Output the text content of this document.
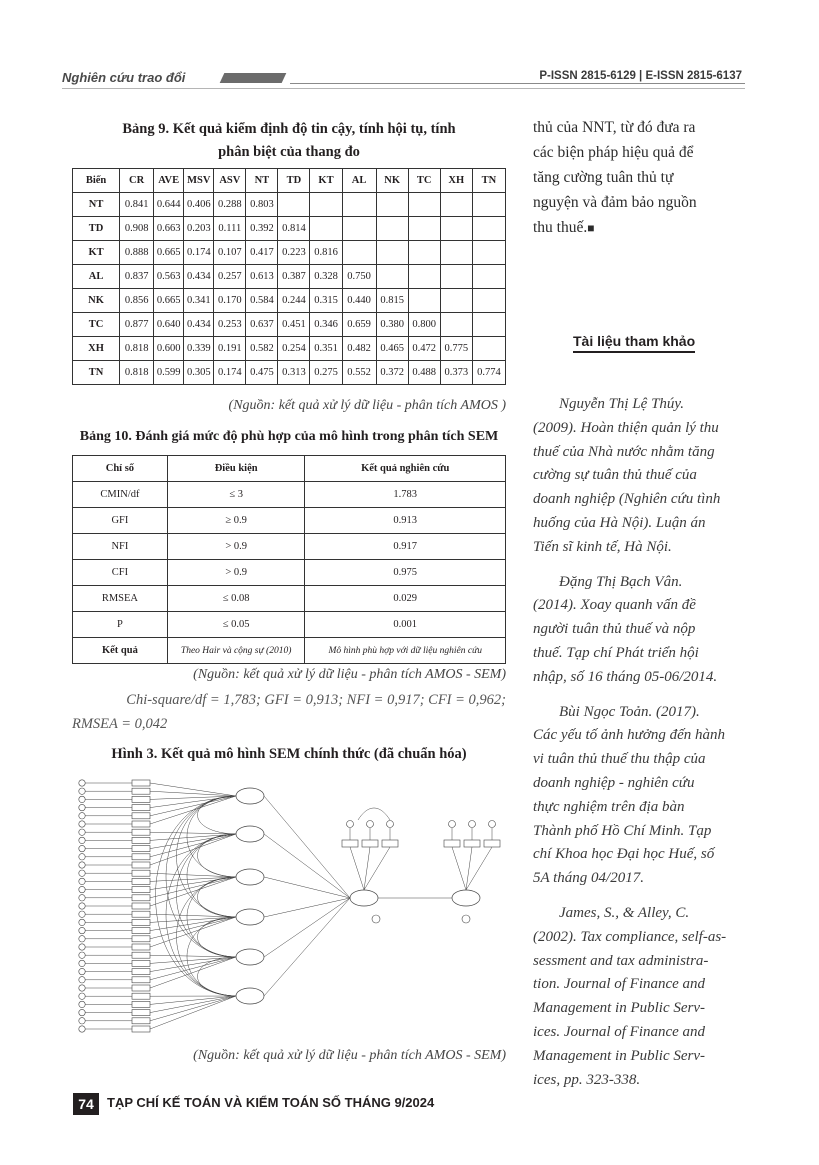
Nghiên cứu trao đổi	P-ISSN 2815-6129 | E-ISSN 2815-6137
Bảng 9. Kết quả kiểm định độ tin cậy, tính hội tụ, tính
phân biệt của thang đo
Biến	CR	AVE	MSV	ASV	NT	TD	KT	AL	NK	TC	XH	TN
NT	0.841	0.644	0.406	0.288	0.803							
TD	0.908	0.663	0.203	0.111	0.392	0.814						
KT	0.888	0.665	0.174	0.107	0.417	0.223	0.816					
AL	0.837	0.563	0.434	0.257	0.613	0.387	0.328	0.750				
NK	0.856	0.665	0.341	0.170	0.584	0.244	0.315	0.440	0.815			
TC	0.877	0.640	0.434	0.253	0.637	0.451	0.346	0.659	0.380	0.800		
XH	0.818	0.600	0.339	0.191	0.582	0.254	0.351	0.482	0.465	0.472	0.775	
TN	0.818	0.599	0.305	0.174	0.475	0.313	0.275	0.552	0.372	0.488	0.373	0.774
(Nguồn: kết quả xử lý dữ liệu - phân tích AMOS )
Bảng 10. Đánh giá mức độ phù hợp của mô hình trong phân tích SEM
Chỉ số	Điều kiện	Kết quả nghiên cứu
CMIN/df	≤ 3	1.783
GFI	≥ 0.9	0.913
NFI	> 0.9	0.917
CFI	> 0.9	0.975
RMSEA	≤ 0.08	0.029
P	≤ 0.05	0.001
Kết quả	Theo Hair và cộng sự (2010)	Mô hình phù hợp với dữ liệu nghiên cứu
(Nguồn: kết quả xử lý dữ liệu - phân tích AMOS - SEM)
Chi-square/df = 1,783; GFI = 0,913; NFI = 0,917; CFI = 0,962;
RMSEA = 0,042
Hình 3. Kết quả mô hình SEM chính thức (đã chuẩn hóa)
(Nguồn: kết quả xử lý dữ liệu - phân tích AMOS - SEM)
thủ của NNT, từ đó đưa ra
các biện pháp hiệu quả để
tăng cường tuân thủ tự
nguyện và đảm bảo nguồn
thu thuế.■
Tài liệu tham khảo
Nguyễn Thị Lệ Thúy.
(2009). Hoàn thiện quản lý thu
thuế của Nhà nước nhằm tăng
cường sự tuân thủ thuế của
doanh nghiệp (Nghiên cứu tình
huống của Hà Nội). Luận án
Tiến sĩ kinh tế, Hà Nội.
Đặng Thị Bạch Vân.
(2014). Xoay quanh vấn đề
người tuân thủ thuế và nộp
thuế. Tạp chí Phát triển hội
nhập, số 16 tháng 05-06/2014.
Bùi Ngọc Toản. (2017).
Các yếu tố ảnh hưởng đến hành
vi tuân thủ thuế thu thập của
doanh nghiệp - nghiên cứu
thực nghiệm trên địa bàn
Thành phố Hồ Chí Minh. Tạp
chí Khoa học Đại học Huế, số
5A tháng 04/2017.
James, S., & Alley, C.
(2002). Tax compliance, self-as-
sessment and tax administra-
tion. Journal of Finance and
Management in Public Serv-
ices. Journal of Finance and
Management in Public Serv-
ices, pp. 323-338.
74	TẠP CHÍ KẾ TOÁN VÀ KIỂM TOÁN SỐ THÁNG 9/2024
